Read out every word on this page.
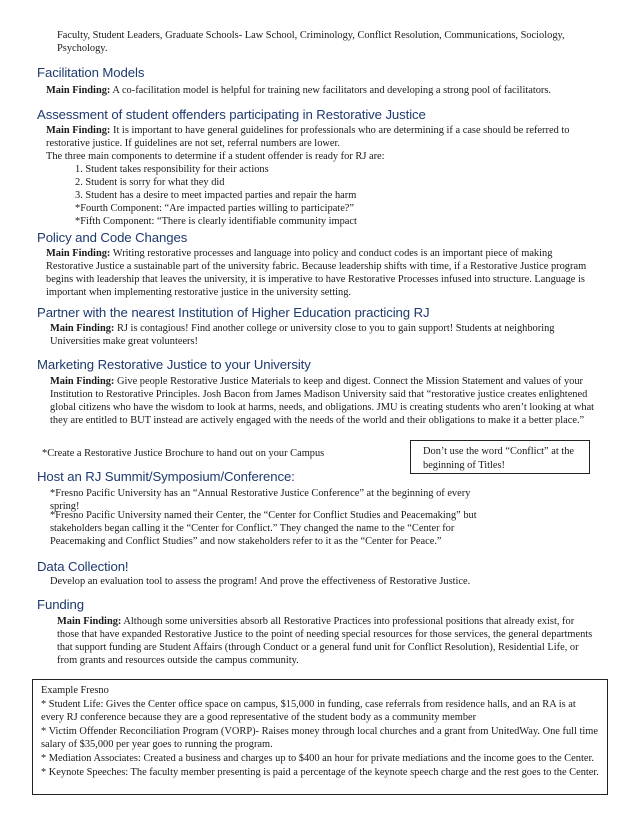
Faculty, Student Leaders, Graduate Schools- Law School, Criminology, Conflict Resolution, Communications, Sociology,
Psychology.
Facilitation Models
Main Finding: A co-facilitation model is helpful for training new facilitators and developing a strong pool of facilitators.
Assessment of student offenders participating in Restorative Justice
Main Finding: It is important to have general guidelines for professionals who are determining if a case should be referred to restorative justice. If guidelines are not set, referral numbers are lower.
The three main components to determine if a student offender is ready for RJ are:
1. Student takes responsibility for their actions
2. Student is sorry for what they did
3. Student has a desire to meet impacted parties and repair the harm
*Fourth Component: “Are impacted parties willing to participate?”
*Fifth Component: “There is clearly identifiable community impact
Policy and Code Changes
Main Finding: Writing restorative processes and language into policy and conduct codes is an important piece of making Restorative Justice a sustainable part of the university fabric. Because leadership shifts with time, if a Restorative Justice program begins with leadership that leaves the university, it is imperative to have Restorative Processes infused into structure. Language is important when implementing restorative justice in the university setting.
Partner with the nearest Institution of Higher Education practicing RJ
Main Finding: RJ is contagious! Find another college or university close to you to gain support! Students at neighboring Universities make great volunteers!
Marketing Restorative Justice to your University
Main Finding: Give people Restorative Justice Materials to keep and digest. Connect the Mission Statement and values of your Institution to Restorative Principles. Josh Bacon from James Madison University said that “restorative justice creates enlightened global citizens who have the wisdom to look at harms, needs, and obligations. JMU is creating students who aren’t looking at what they are entitled to BUT instead are actively engaged with the needs of the world and their obligations to make it a better place.”
*Create a Restorative Justice Brochure to hand out on your Campus	Don’t use the word “Conflict” at the beginning of Titles!
Host an RJ Summit/Symposium/Conference:
*Fresno Pacific University has an “Annual Restorative Justice Conference” at the beginning of every spring!
*Fresno Pacific University named their Center, the “Center for Conflict Studies and Peacemaking” but stakeholders began calling it the “Center for Conflict.” They changed the name to the “Center for Peacemaking and Conflict Studies” and now stakeholders refer to it as the “Center for Peace.”
Data Collection!
Develop an evaluation tool to assess the program! And prove the effectiveness of Restorative Justice.
Funding
Main Finding: Although some universities absorb all Restorative Practices into professional positions that already exist, for those that have expanded Restorative Justice to the point of needing special resources for those services, the general departments that support funding are Student Affairs (through Conduct or a general fund unit for Conflict Resolution), Residential Life, or from grants and resources outside the campus community.
Example Fresno
* Student Life: Gives the Center office space on campus, $15,000 in funding, case referrals from residence halls, and an RA is at every RJ conference because they are a good representative of the student body as a community member
* Victim Offender Reconciliation Program (VORP)- Raises money through local churches and a grant from UnitedWay. One full time salary of $35,000 per year goes to running the program.
* Mediation Associates: Created a business and charges up to $400 an hour for private mediations and the income goes to the Center.
* Keynote Speeches: The faculty member presenting is paid a percentage of the keynote speech charge and the rest goes to the Center.
